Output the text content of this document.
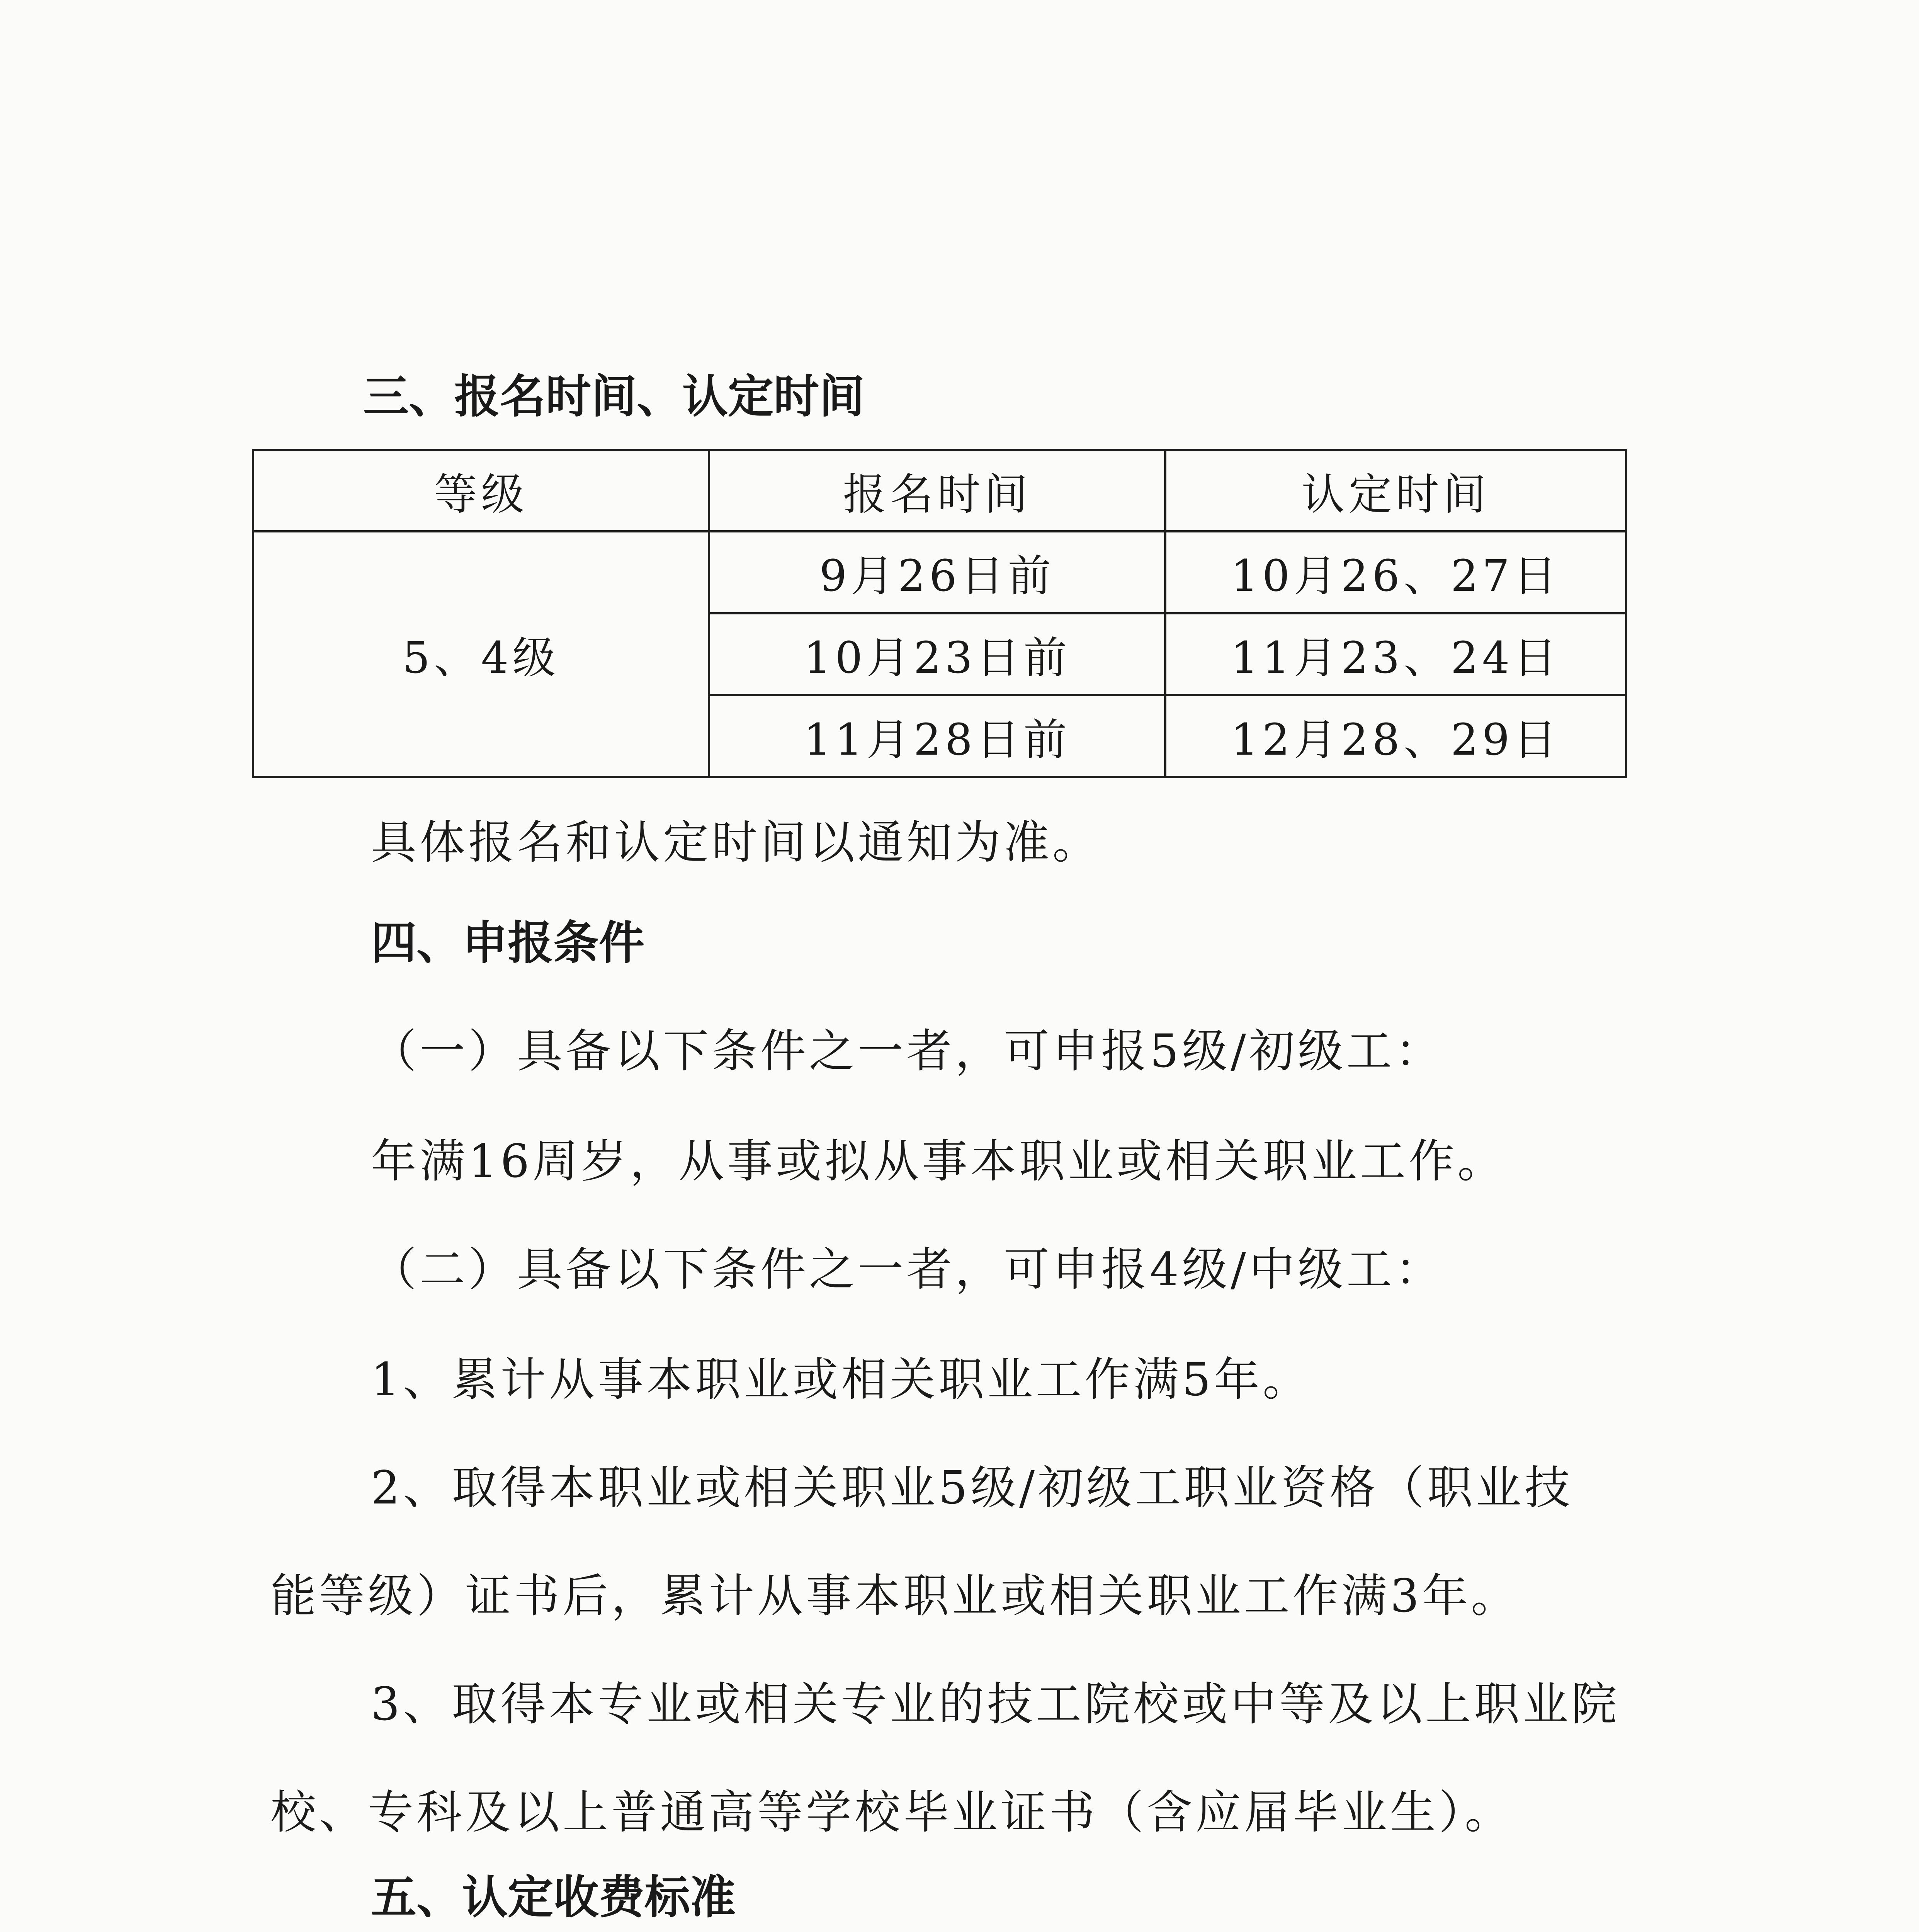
三、报名时间、认定时间
等级	报名时间	认定时间
5、4级	9月26日前	10月26、27日
	10月23日前	11月23、24日
	11月28日前	12月28、29日
具体报名和认定时间以通知为准。
四、申报条件
（一）具备以下条件之一者，可申报5级/初级工：
年满16周岁，从事或拟从事本职业或相关职业工作。
（二）具备以下条件之一者，可申报4级/中级工：
1、累计从事本职业或相关职业工作满5年。
2、取得本职业或相关职业5级/初级工职业资格（职业技
能等级）证书后，累计从事本职业或相关职业工作满3年。
3、取得本专业或相关专业的技工院校或中等及以上职业院
校、专科及以上普通高等学校毕业证书（含应届毕业生）。
五、认定收费标准
